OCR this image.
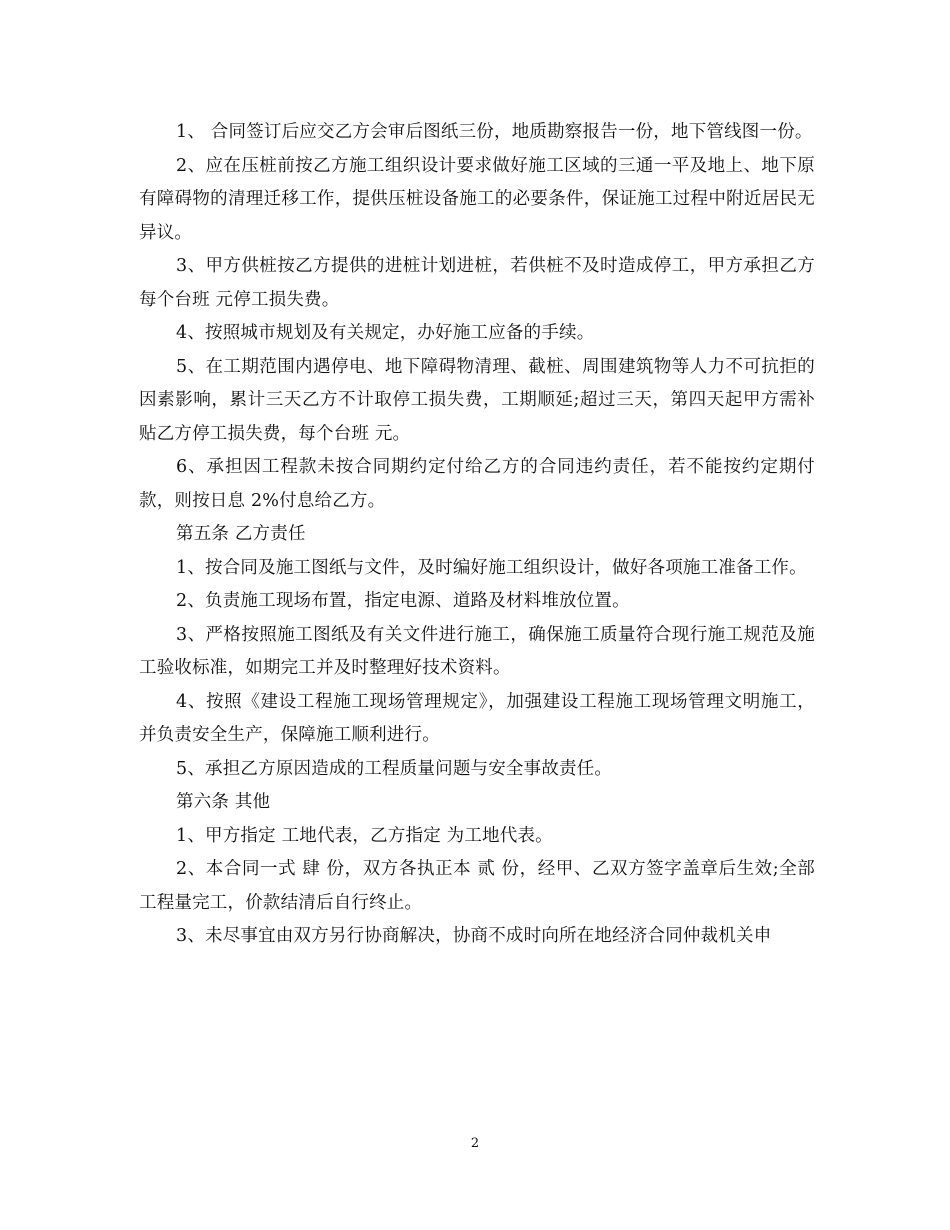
1、 合同签订后应交乙方会审后图纸三份，地质勘察报告一份，地下管线图一份。

2、应在压桩前按乙方施工组织设计要求做好施工区域的三通一平及地上、地下原有障碍物的清理迁移工作，提供压桩设备施工的必要条件，保证施工过程中附近居民无异议。

3、甲方供桩按乙方提供的进桩计划进桩，若供桩不及时造成停工，甲方承担乙方每个台班 元停工损失费。

4、按照城市规划及有关规定，办好施工应备的手续。

5、在工期范围内遇停电、地下障碍物清理、截桩、周围建筑物等人力不可抗拒的因素影响，累计三天乙方不计取停工损失费，工期顺延;超过三天，第四天起甲方需补贴乙方停工损失费，每个台班 元。

6、承担因工程款未按合同期约定付给乙方的合同违约责任，若不能按约定期付款，则按日息 2%付息给乙方。

第五条 乙方责任

1、按合同及施工图纸与文件，及时编好施工组织设计，做好各项施工准备工作。

2、负责施工现场布置，指定电源、道路及材料堆放位置。

3、严格按照施工图纸及有关文件进行施工，确保施工质量符合现行施工规范及施工验收标准，如期完工并及时整理好技术资料。

4、按照《建设工程施工现场管理规定》，加强建设工程施工现场管理文明施工，并负责安全生产，保障施工顺利进行。

5、承担乙方原因造成的工程质量问题与安全事故责任。

第六条 其他

1、甲方指定 工地代表，乙方指定 为工地代表。

2、本合同一式 肆 份，双方各执正本 贰 份，经甲、乙双方签字盖章后生效;全部工程量完工，价款结清后自行终止。

3、未尽事宜由双方另行协商解决，协商不成时向所在地经济合同仲裁机关申

2
